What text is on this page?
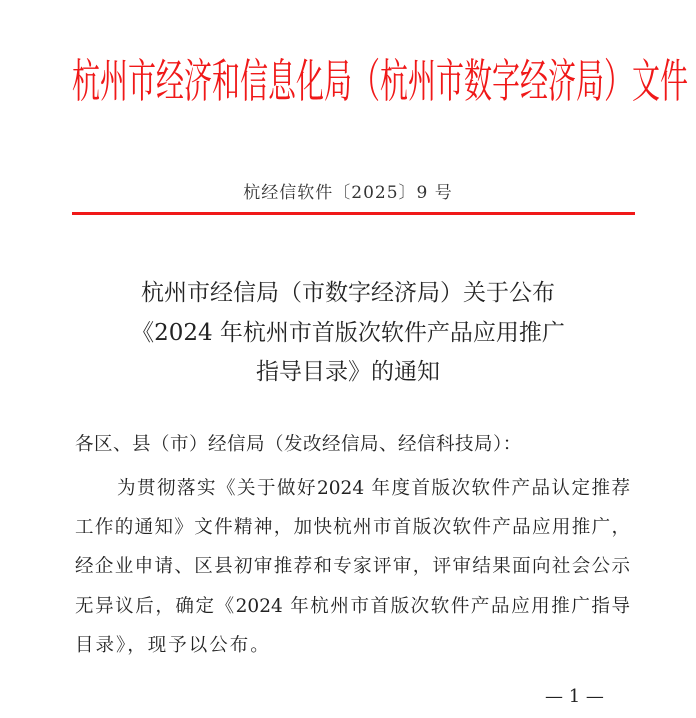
杭州市经济和信息化局（杭州市数字经济局）文件
杭经信软件〔2025〕9 号
杭州市经信局（市数字经济局）关于公布
《2024 年杭州市首版次软件产品应用推广
指导目录》的通知
各区、县（市）经信局（发改经信局、经信科技局）：
为贯彻落实《关于做好2024 年度首版次软件产品认定推荐
工作的通知》文件精神，加快杭州市首版次软件产品应用推广，
经企业申请、区县初审推荐和专家评审，评审结果面向社会公示
无异议后，确定《2024 年杭州市首版次软件产品应用推广指导
目录》，现予以公布。
— 1 —
